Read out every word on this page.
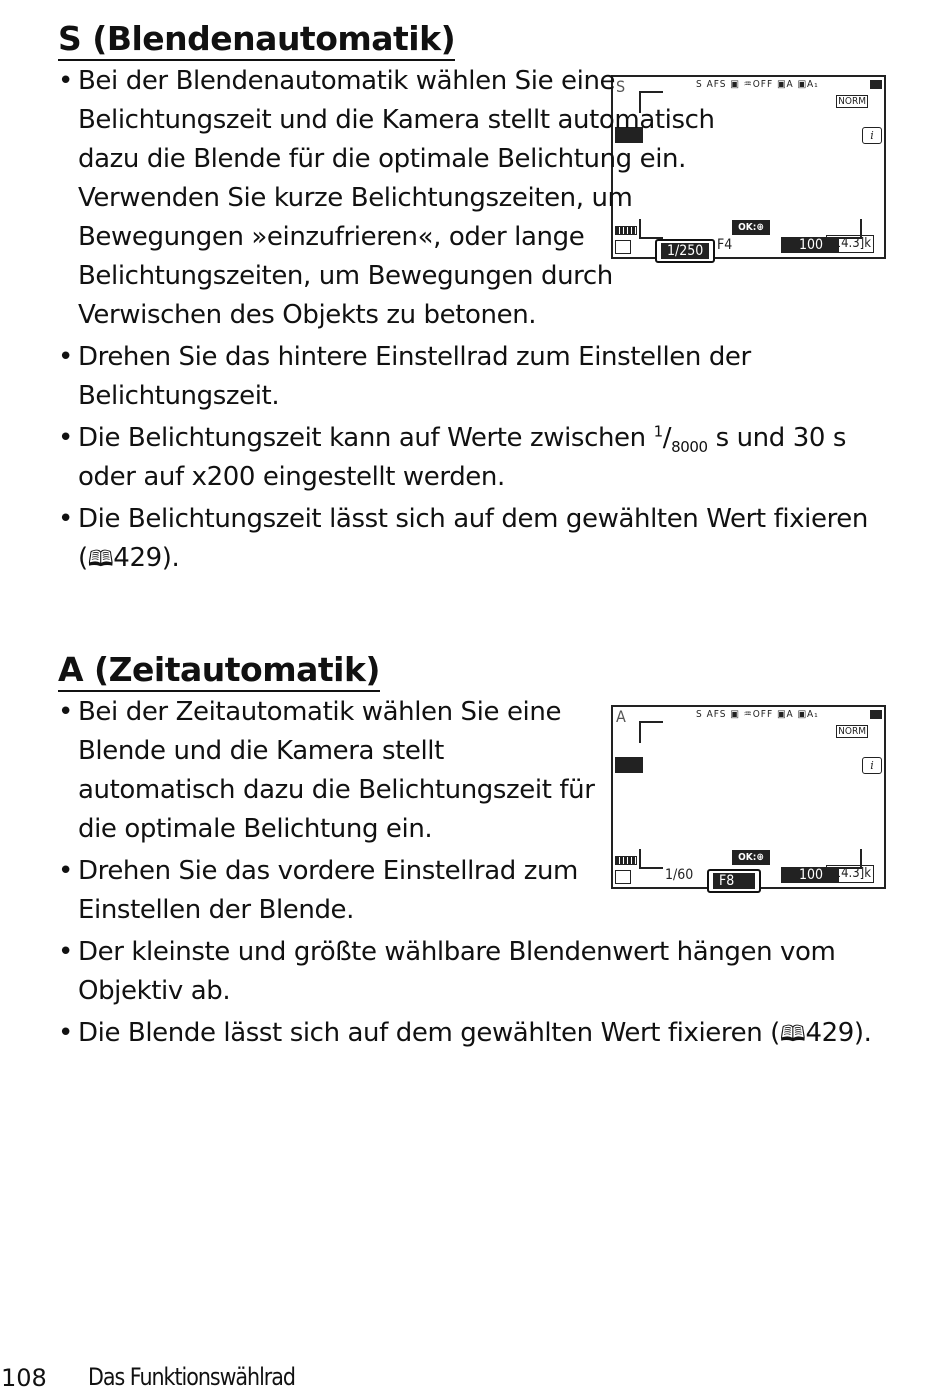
S (Blendenautomatik)
S	S AFS ▣ ♒OFF ▣A ▣A₁
NORM
i
OK:⊕
1/250 F4	100 [14.3]k

• Bei der Blendenautomatik wählen Sie eine Belichtungszeit und die Kamera stellt automatisch dazu die Blende für die optimale Belichtung ein. Verwenden Sie kurze Belichtungszeiten, um Bewegungen »einzufrieren«, oder lange Belichtungszeiten, um Bewegungen durch Verwischen des Objekts zu betonen.

• Drehen Sie das hintere Einstellrad zum Einstellen der Belichtungszeit.

• Die Belichtungszeit kann auf Werte zwischen $^1/_{8000}$ s und 30 s oder auf x200 eingestellt werden.

• Die Belichtungszeit lässt sich auf dem gewählten Wert fixieren (🕮429).

A (Zeitautomatik)
A	S AFS ▣ ♒OFF ▣A ▣A₁
NORM
i
OK:⊕
1/60	F8	100 [14.3]k

• Bei der Zeitautomatik wählen Sie eine Blende und die Kamera stellt automatisch dazu die Belichtungszeit für die optimale Belichtung ein.

• Drehen Sie das vordere Einstellrad zum Einstellen der Blende.

• Der kleinste und größte wählbare Blendenwert hängen vom Objektiv ab.

• Die Blende lässt sich auf dem gewählten Wert fixieren (🕮429).

108 Das Funktionswählrad
